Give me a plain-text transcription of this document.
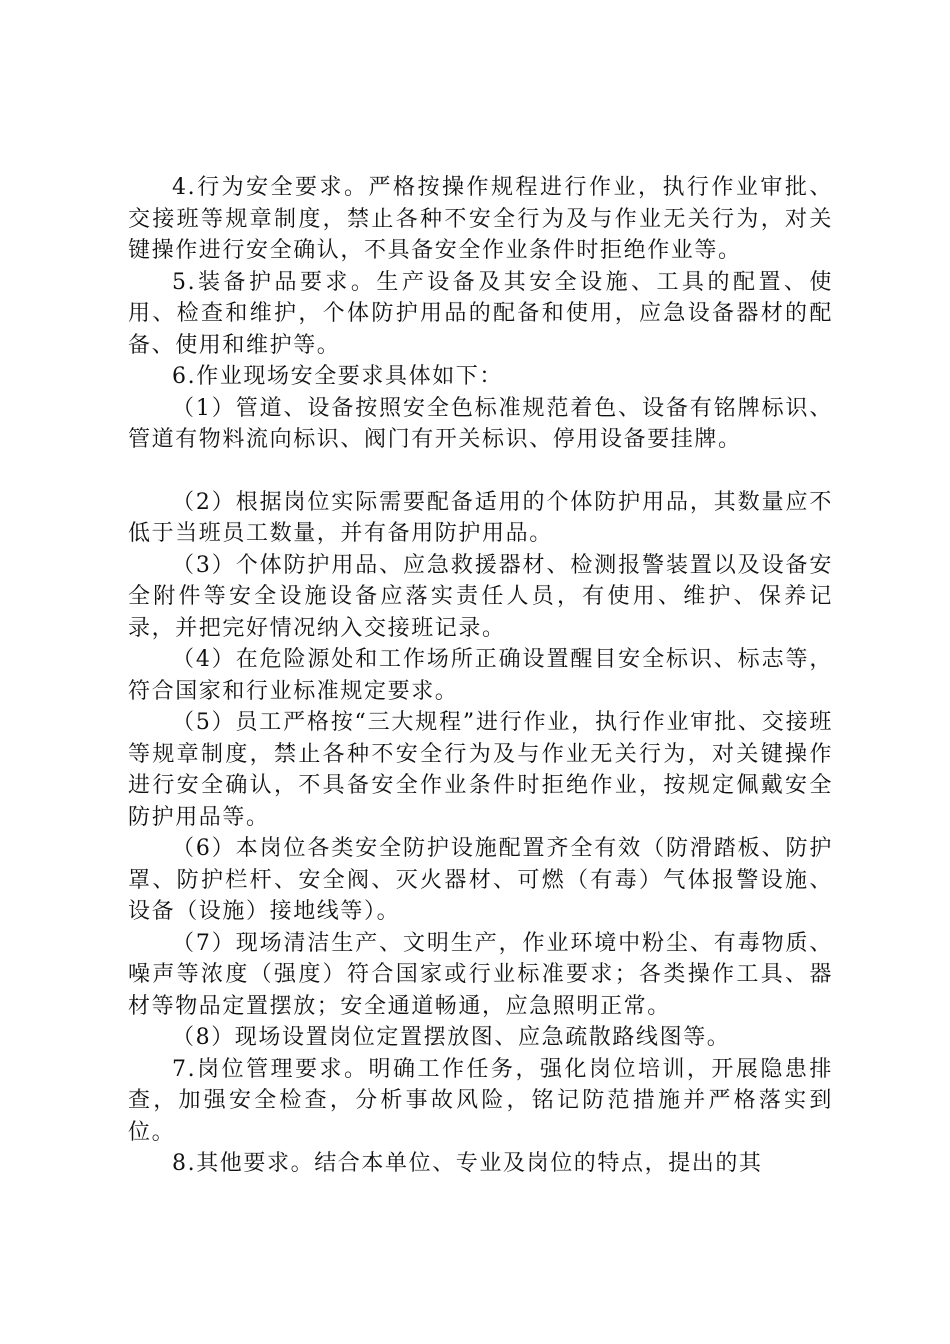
4.行为安全要求。严格按操作规程进行作业，执行作业审批、交接班等规章制度，禁止各种不安全行为及与作业无关行为，对关键操作进行安全确认，不具备安全作业条件时拒绝作业等。

5.装备护品要求。生产设备及其安全设施、工具的配置、使用、检查和维护，个体防护用品的配备和使用，应急设备器材的配备、使用和维护等。

6.作业现场安全要求具体如下：

（1）管道、设备按照安全色标准规范着色、设备有铭牌标识、管道有物料流向标识、阀门有开关标识、停用设备要挂牌。

（2）根据岗位实际需要配备适用的个体防护用品，其数量应不低于当班员工数量，并有备用防护用品。

（3）个体防护用品、应急救援器材、检测报警装置以及设备安全附件等安全设施设备应落实责任人员，有使用、维护、保养记录，并把完好情况纳入交接班记录。

（4）在危险源处和工作场所正确设置醒目安全标识、标志等，符合国家和行业标准规定要求。

（5）员工严格按“三大规程”进行作业，执行作业审批、交接班等规章制度，禁止各种不安全行为及与作业无关行为，对关键操作进行安全确认，不具备安全作业条件时拒绝作业，按规定佩戴安全防护用品等。

（6）本岗位各类安全防护设施配置齐全有效（防滑踏板、防护罩、防护栏杆、安全阀、灭火器材、可燃（有毒）气体报警设施、设备（设施）接地线等）。

（7）现场清洁生产、文明生产，作业环境中粉尘、有毒物质、噪声等浓度（强度）符合国家或行业标准要求；各类操作工具、器材等物品定置摆放；安全通道畅通，应急照明正常。

（8）现场设置岗位定置摆放图、应急疏散路线图等。

7.岗位管理要求。明确工作任务，强化岗位培训，开展隐患排查，加强安全检查，分析事故风险，铭记防范措施并严格落实到位。

8.其他要求。结合本单位、专业及岗位的特点，提出的其
